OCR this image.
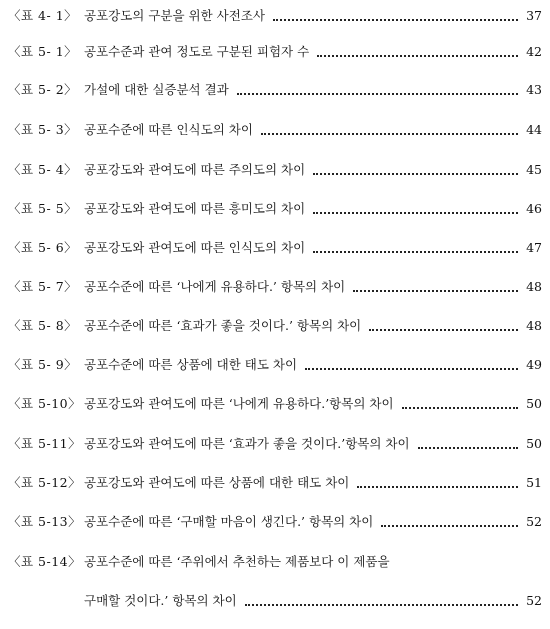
〈표 4- 1〉 공포강도의 구분을 위한 사전조사	37
〈표 5- 1〉 공포수준과 관여 정도로 구분된 피험자 수	42
〈표 5- 2〉 가설에 대한 실증분석 결과	43
〈표 5- 3〉 공포수준에 따른 인식도의 차이	44
〈표 5- 4〉 공포강도와 관여도에 따른 주의도의 차이	45
〈표 5- 5〉 공포강도와 관여도에 따른 흥미도의 차이	46
〈표 5- 6〉 공포강도와 관여도에 따른 인식도의 차이	47
〈표 5- 7〉 공포수준에 따른 ‘나에게 유용하다.’ 항목의 차이	48
〈표 5- 8〉 공포수준에 따른 ‘효과가 좋을 것이다.’ 항목의 차이	48
〈표 5- 9〉 공포수준에 따른 상품에 대한 태도 차이	49
〈표 5-10〉 공포강도와 관여도에 따른 ‘나에게 유용하다.’항목의 차이	50
〈표 5-11〉 공포강도와 관여도에 따른 ‘효과가 좋을 것이다.’항목의 차이	50
〈표 5-12〉 공포강도와 관여도에 따른 상품에 대한 태도 차이	51
〈표 5-13〉 공포수준에 따른 ‘구매할 마음이 생긴다.’ 항목의 차이	52
〈표 5-14〉 공포수준에 따른 ‘주위에서 추천하는 제품보다 이 제품을
구매할 것이다.’ 항목의 차이	52
